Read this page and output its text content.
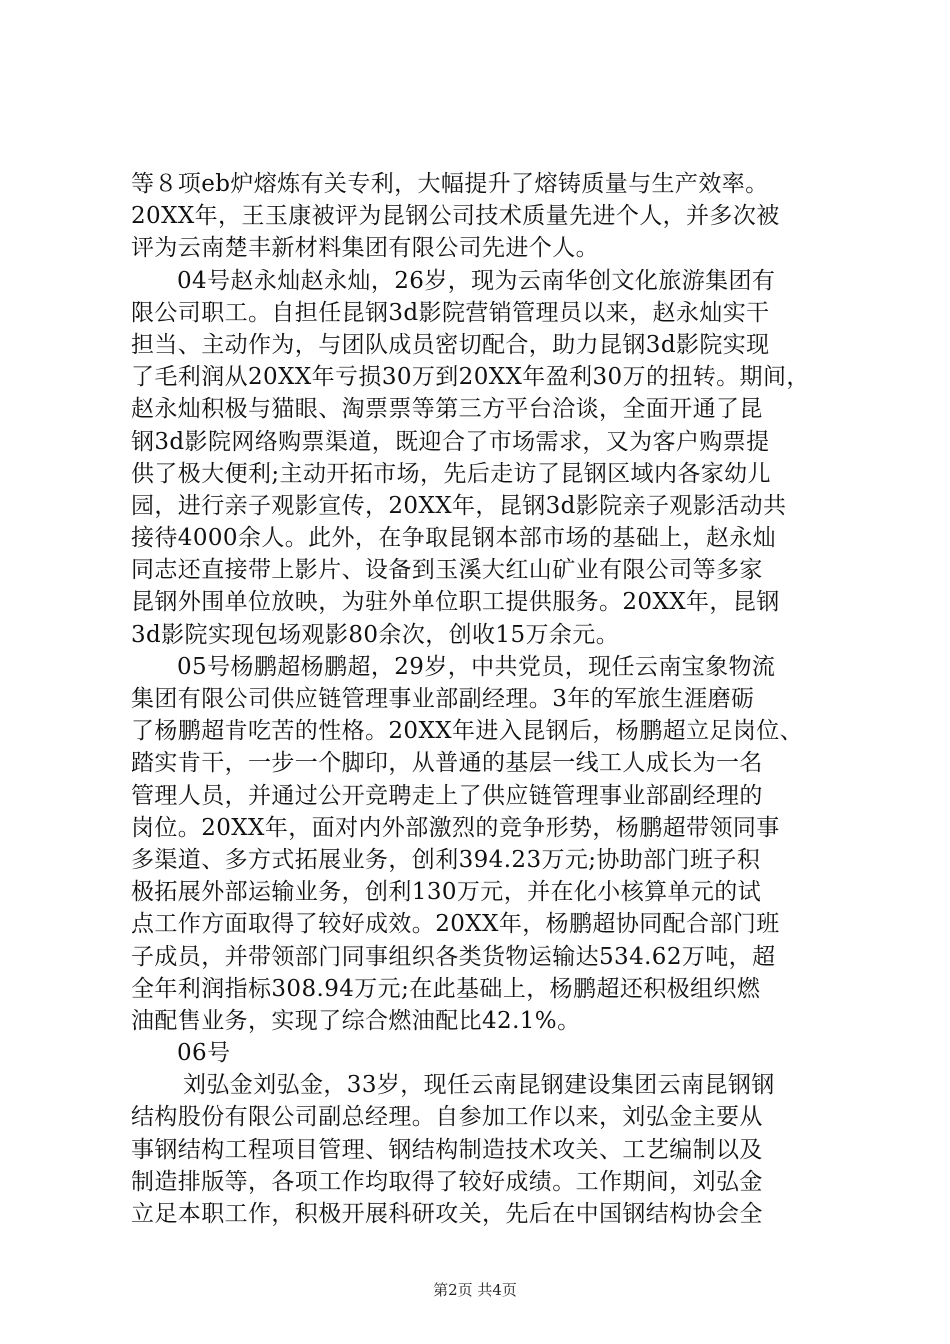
等８项eb炉熔炼有关专利，大幅提升了熔铸质量与生产效率。
20XX年，王玉康被评为昆钢公司技术质量先进个人，并多次被
评为云南楚丰新材料集团有限公司先进个人。
04号赵永灿赵永灿，26岁，现为云南华创文化旅游集团有
限公司职工。自担任昆钢3d影院营销管理员以来，赵永灿实干
担当、主动作为，与团队成员密切配合，助力昆钢3d影院实现
了毛利润从20XX年亏损30万到20XX年盈利30万的扭转。期间，
赵永灿积极与猫眼、淘票票等第三方平台洽谈，全面开通了昆
钢3d影院网络购票渠道，既迎合了市场需求，又为客户购票提
供了极大便利;主动开拓市场，先后走访了昆钢区域内各家幼儿
园，进行亲子观影宣传，20XX年，昆钢3d影院亲子观影活动共
接待4000余人。此外，在争取昆钢本部市场的基础上，赵永灿
同志还直接带上影片、设备到玉溪大红山矿业有限公司等多家
昆钢外围单位放映，为驻外单位职工提供服务。20XX年，昆钢
3d影院实现包场观影80余次，创收15万余元。
05号杨鹏超杨鹏超，29岁，中共党员，现任云南宝象物流
集团有限公司供应链管理事业部副经理。3年的军旅生涯磨砺
了杨鹏超肯吃苦的性格。20XX年进入昆钢后，杨鹏超立足岗位、
踏实肯干，一步一个脚印，从普通的基层一线工人成长为一名
管理人员，并通过公开竞聘走上了供应链管理事业部副经理的
岗位。20XX年，面对内外部激烈的竞争形势，杨鹏超带领同事
多渠道、多方式拓展业务，创利394.23万元;协助部门班子积
极拓展外部运输业务，创利130万元，并在化小核算单元的试
点工作方面取得了较好成效。20XX年，杨鹏超协同配合部门班
子成员，并带领部门同事组织各类货物运输达534.62万吨，超
全年利润指标308.94万元;在此基础上，杨鹏超还积极组织燃
油配售业务，实现了综合燃油配比42.1%。
06号
刘弘金刘弘金，33岁，现任云南昆钢建设集团云南昆钢钢
结构股份有限公司副总经理。自参加工作以来，刘弘金主要从
事钢结构工程项目管理、钢结构制造技术攻关、工艺编制以及
制造排版等，各项工作均取得了较好成绩。工作期间，刘弘金
立足本职工作，积极开展科研攻关，先后在中国钢结构协会全
第2页 共4页
